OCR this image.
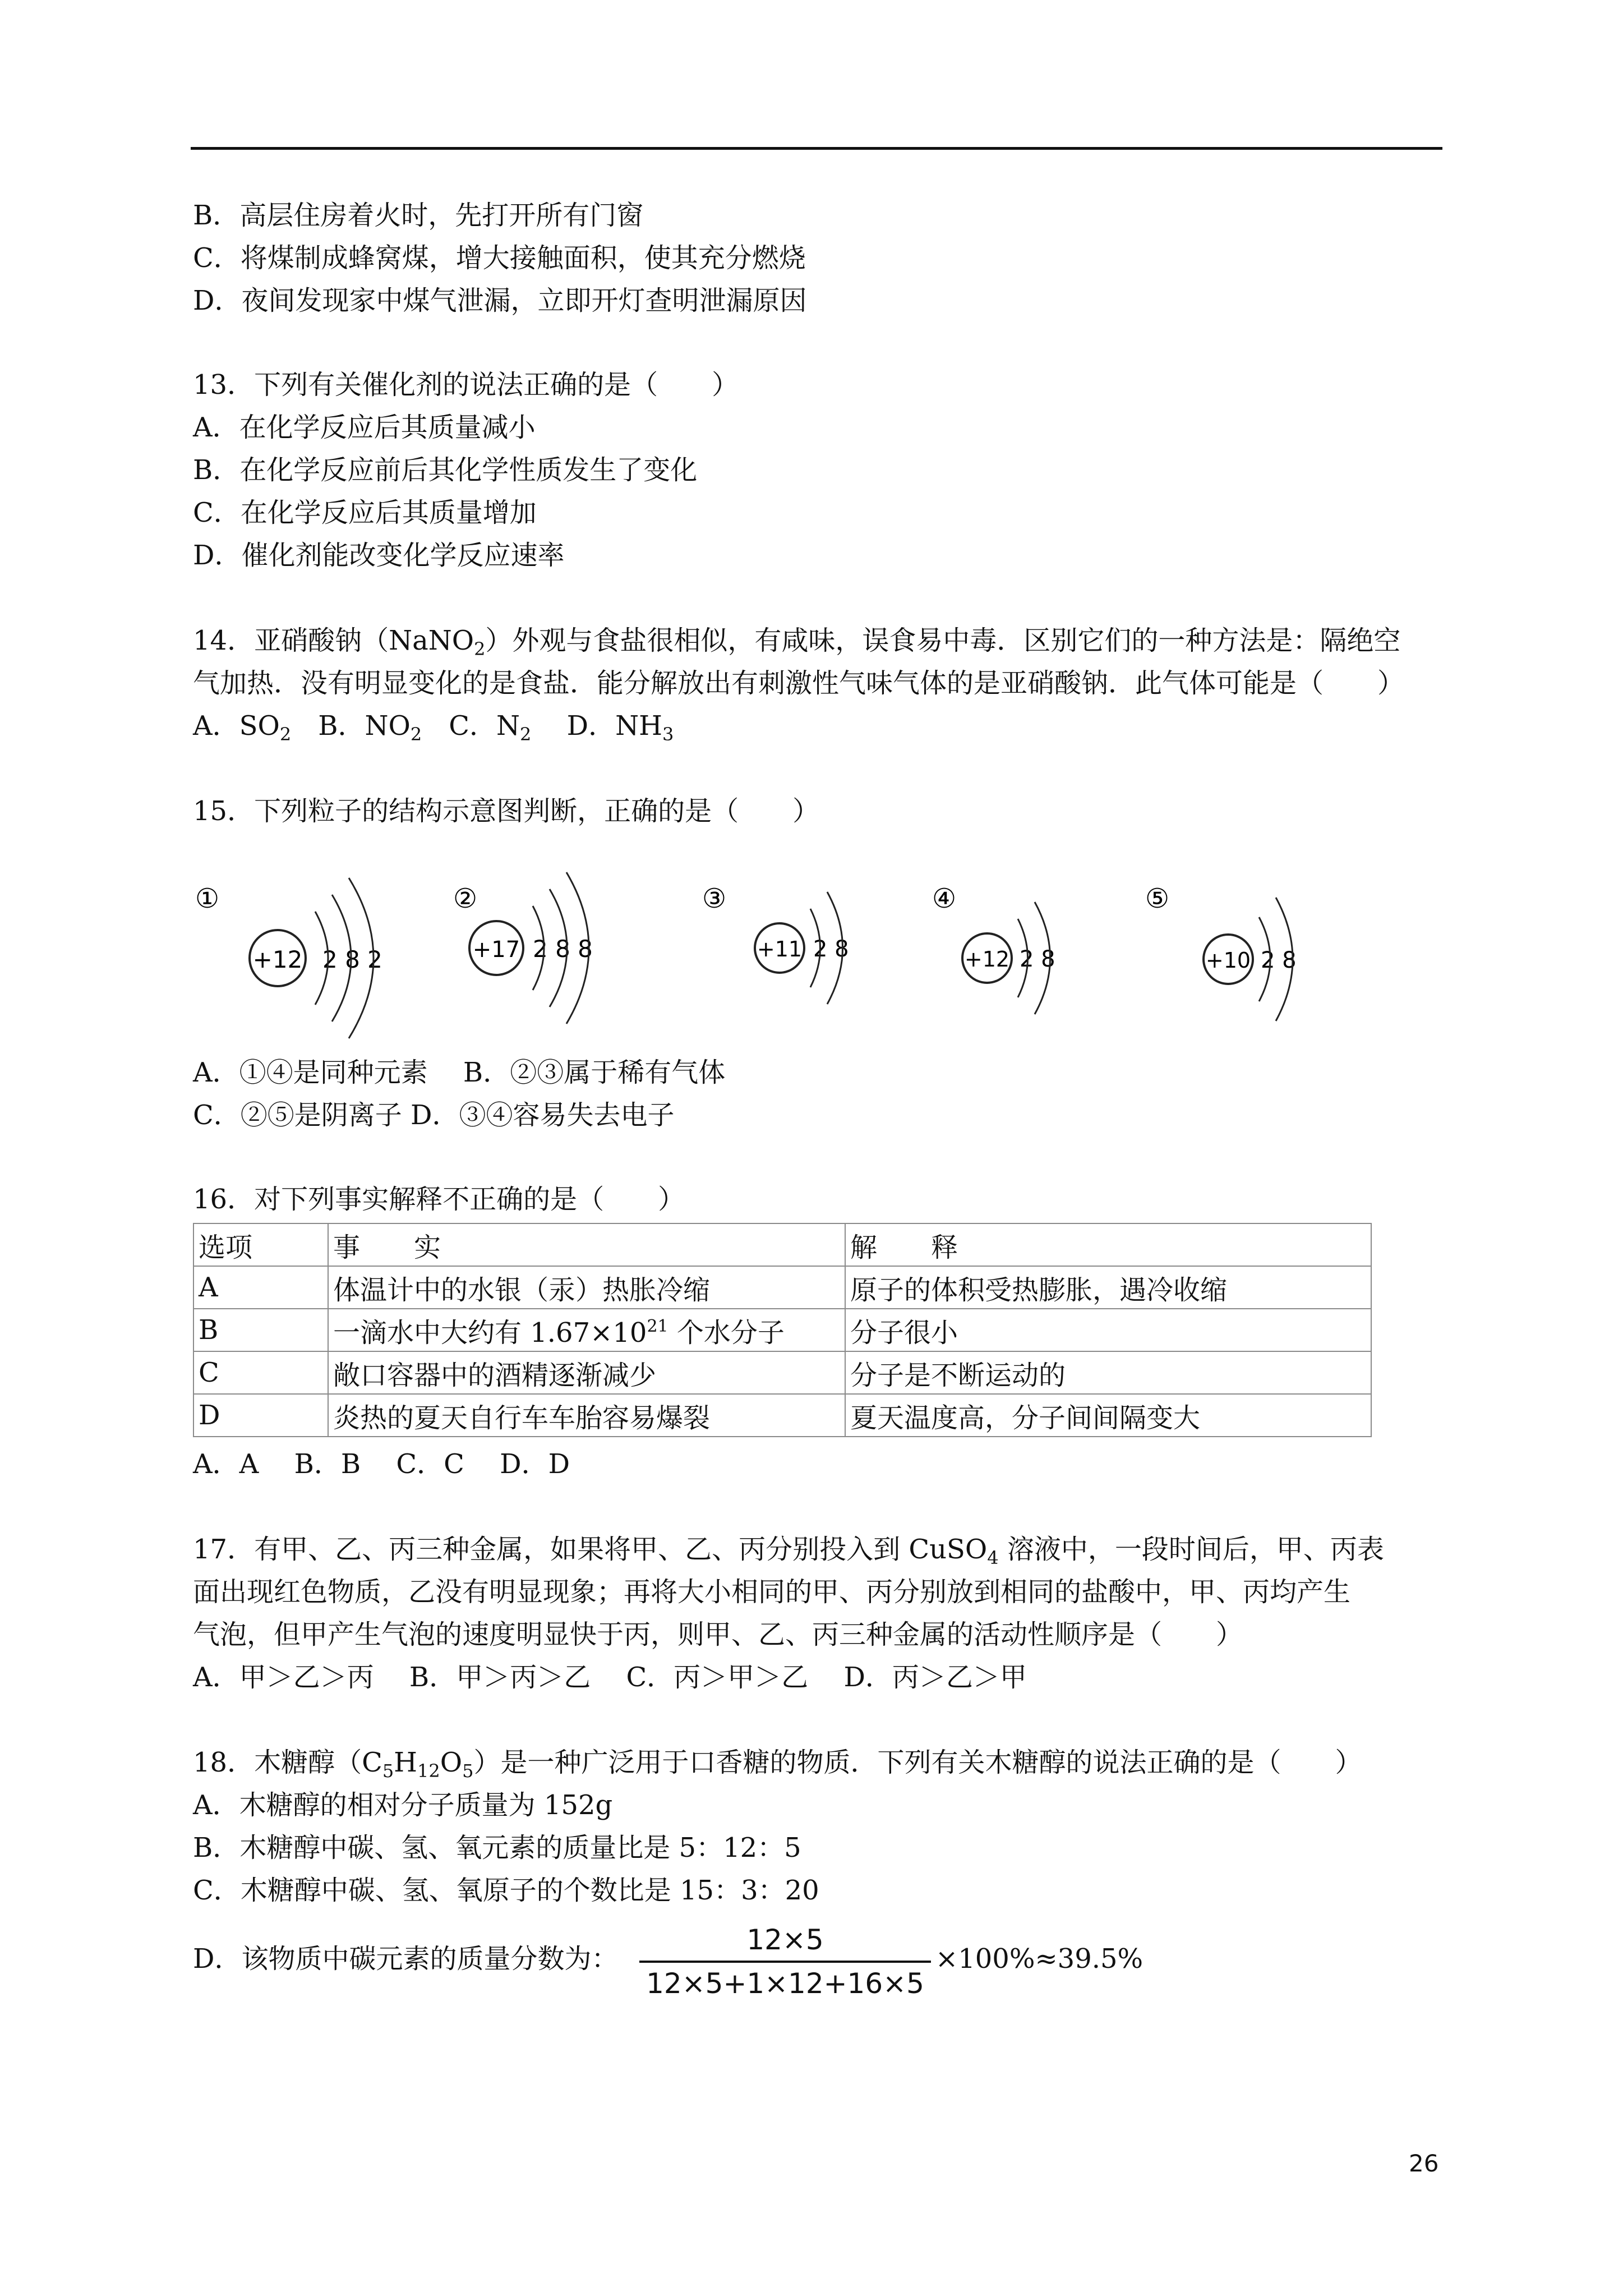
B．高层住房着火时，先打开所有门窗
C．将煤制成蜂窝煤，增大接触面积，使其充分燃烧
D．夜间发现家中煤气泄漏，立即开灯查明泄漏原因
13．下列有关催化剂的说法正确的是（　　）
A．在化学反应后其质量减小
B．在化学反应前后其化学性质发生了变化
C．在化学反应后其质量增加
D．催化剂能改变化学反应速率
14．亚硝酸钠（NaNO$_2$）外观与食盐很相似，有咸味，误食易中毒．区别它们的一种方法是：隔绝空
气加热．没有明显变化的是食盐．能分解放出有刺激性气味气体的是亚硝酸钠．此气体可能是（　　）
A．$SO_2$　B．$NO_2$　C．$N_2$　 D．$NH_3$
15．下列粒子的结构示意图判断，正确的是（　　）
①
+12 2 8 2
②
+17 2 8 8
③
+11 2 8
④
+12 2 8
⑤
+10 2 8
A．①④是同种元素　 B．②③属于稀有气体
C．②⑤是阴离子 D．③④容易失去电子
16．对下列事实解释不正确的是（　　）
选项	事　　实	解　　释
A	体温计中的水银（汞）热胀冷缩	原子的体积受热膨胀，遇冷收缩
B	一滴水中大约有 $1.67\times 10^{21}$ 个水分子	分子很小
C	敞口容器中的酒精逐渐减少	分子是不断运动的
D	炎热的夏天自行车车胎容易爆裂	夏天温度高，分子间间隔变大
A．A　 B．B　 C．C　 D．D
17．有甲、乙、丙三种金属，如果将甲、乙、丙分别投入到 CuSO$_4$ 溶液中，一段时间后，甲、丙表
面出现红色物质，乙没有明显现象；再将大小相同的甲、丙分别放到相同的盐酸中，甲、丙均产生
气泡，但甲产生气泡的速度明显快于丙，则甲、乙、丙三种金属的活动性顺序是（　　）
A．甲＞乙＞丙　 B．甲＞丙＞乙　 C．丙＞甲＞乙　 D．丙＞乙＞甲
18．木糖醇$(C_5H_{12}O_5)$是一种广泛用于口香糖的物质．下列有关木糖醇的说法正确的是（　　）
A．木糖醇的相对分子质量为 152g
B．木糖醇中碳、氢、氧元素的质量比是 5：12：5
C．木糖醇中碳、氢、氧原子的个数比是 15：3：20
D．该物质中碳元素的质量分数为：
12×5
12×5+1×12+16×5
×100%≈39.5%
26
